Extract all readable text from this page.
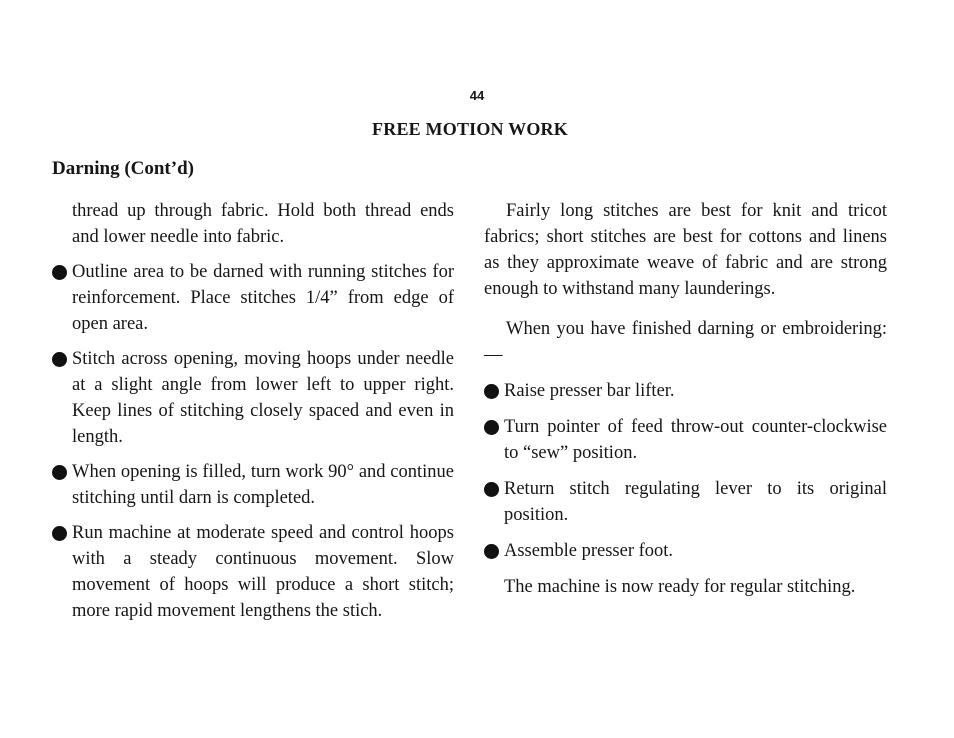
44
FREE MOTION WORK
Darning (Cont’d)

thread up through fabric. Hold both thread ends and lower needle into fabric.

Outline area to be darned with running stitches for reinforcement. Place stitches 1/4” from edge of open area.
Stitch across opening, moving hoops under needle at a slight angle from lower left to upper right. Keep lines of stitching closely spaced and even in length.
When opening is filled, turn work 90° and continue stitching until darn is completed.
Run machine at moderate speed and control hoops with a steady continuous movement. Slow movement of hoops will produce a short stitch; more rapid movement lengthens the stich.

Fairly long stitches are best for knit and tricot fabrics; short stitches are best for cottons and linens as they approximate weave of fabric and are strong enough to withstand many launderings.

When you have finished darning or embroidering:—

Raise presser bar lifter.
Turn pointer of feed throw-out counter-clockwise to “sew” position.
Return stitch regulating lever to its original position.
Assemble presser foot.

The machine is now ready for regular stitching.
